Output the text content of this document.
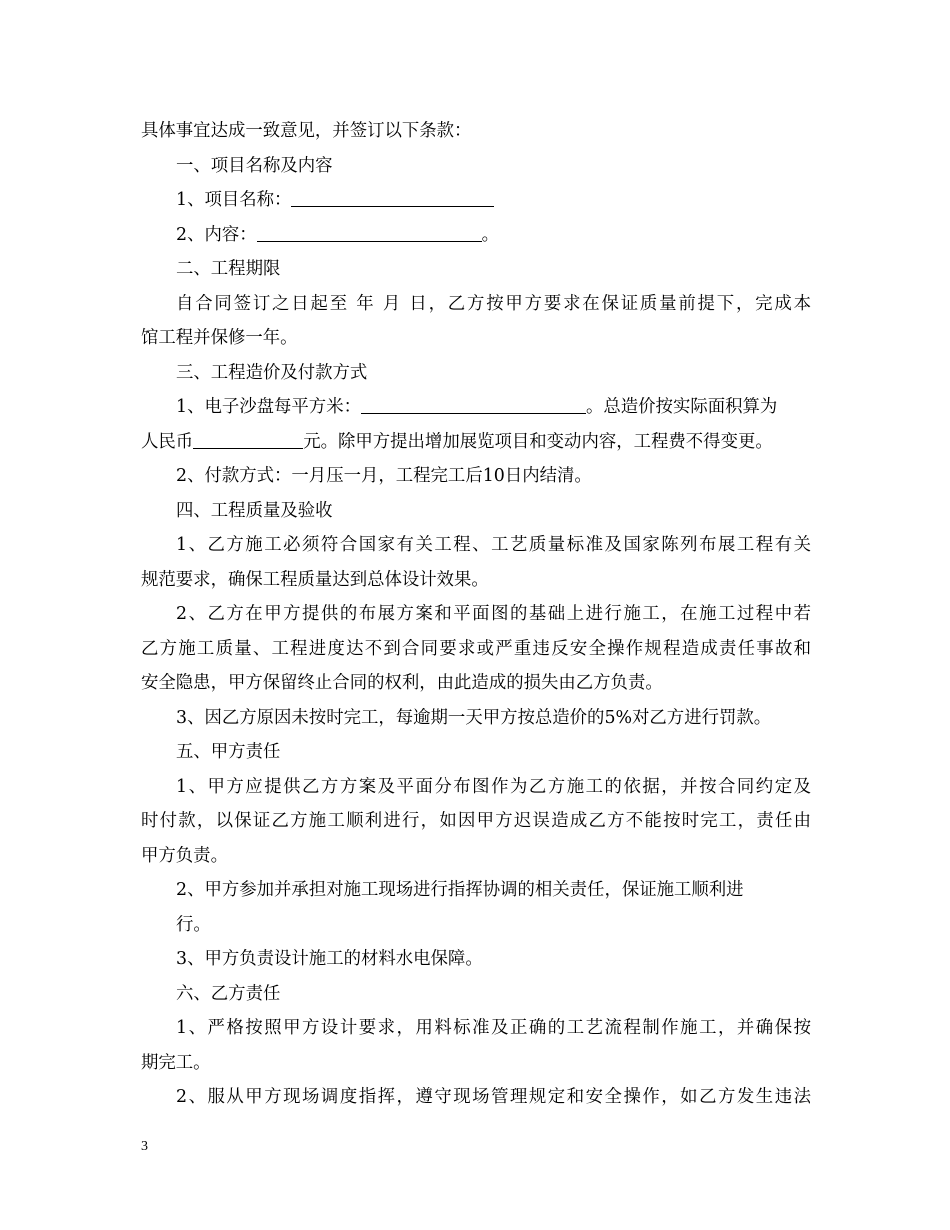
具体事宜达成一致意见，并签订以下条款：
一、项目名称及内容
1、项目名称：
2、内容：	。
二、工程期限
自合同签订之日起至 年 月 日，乙方按甲方要求在保证质量前提下，完成本
馆工程并保修一年。
三、工程造价及付款方式
1、电子沙盘每平方米：	。总造价按实际面积算为
人民币	元。除甲方提出增加展览项目和变动内容，工程费不得变更。
2、付款方式：一月压一月，工程完工后10日内结清。
四、工程质量及验收
1、乙方施工必须符合国家有关工程、工艺质量标准及国家陈列布展工程有关
规范要求，确保工程质量达到总体设计效果。
2、乙方在甲方提供的布展方案和平面图的基础上进行施工，在施工过程中若
乙方施工质量、工程进度达不到合同要求或严重违反安全操作规程造成责任事故和
安全隐患，甲方保留终止合同的权利，由此造成的损失由乙方负责。
3、因乙方原因未按时完工，每逾期一天甲方按总造价的5%对乙方进行罚款。
五、甲方责任
1、甲方应提供乙方方案及平面分布图作为乙方施工的依据，并按合同约定及
时付款，以保证乙方施工顺利进行，如因甲方迟误造成乙方不能按时完工，责任由
甲方负责。
2、甲方参加并承担对施工现场进行指挥协调的相关责任，保证施工顺利进
行。
3、甲方负责设计施工的材料水电保障。
六、乙方责任
1、严格按照甲方设计要求，用料标准及正确的工艺流程制作施工，并确保按
期完工。
2、服从甲方现场调度指挥，遵守现场管理规定和安全操作，如乙方发生违法
3
